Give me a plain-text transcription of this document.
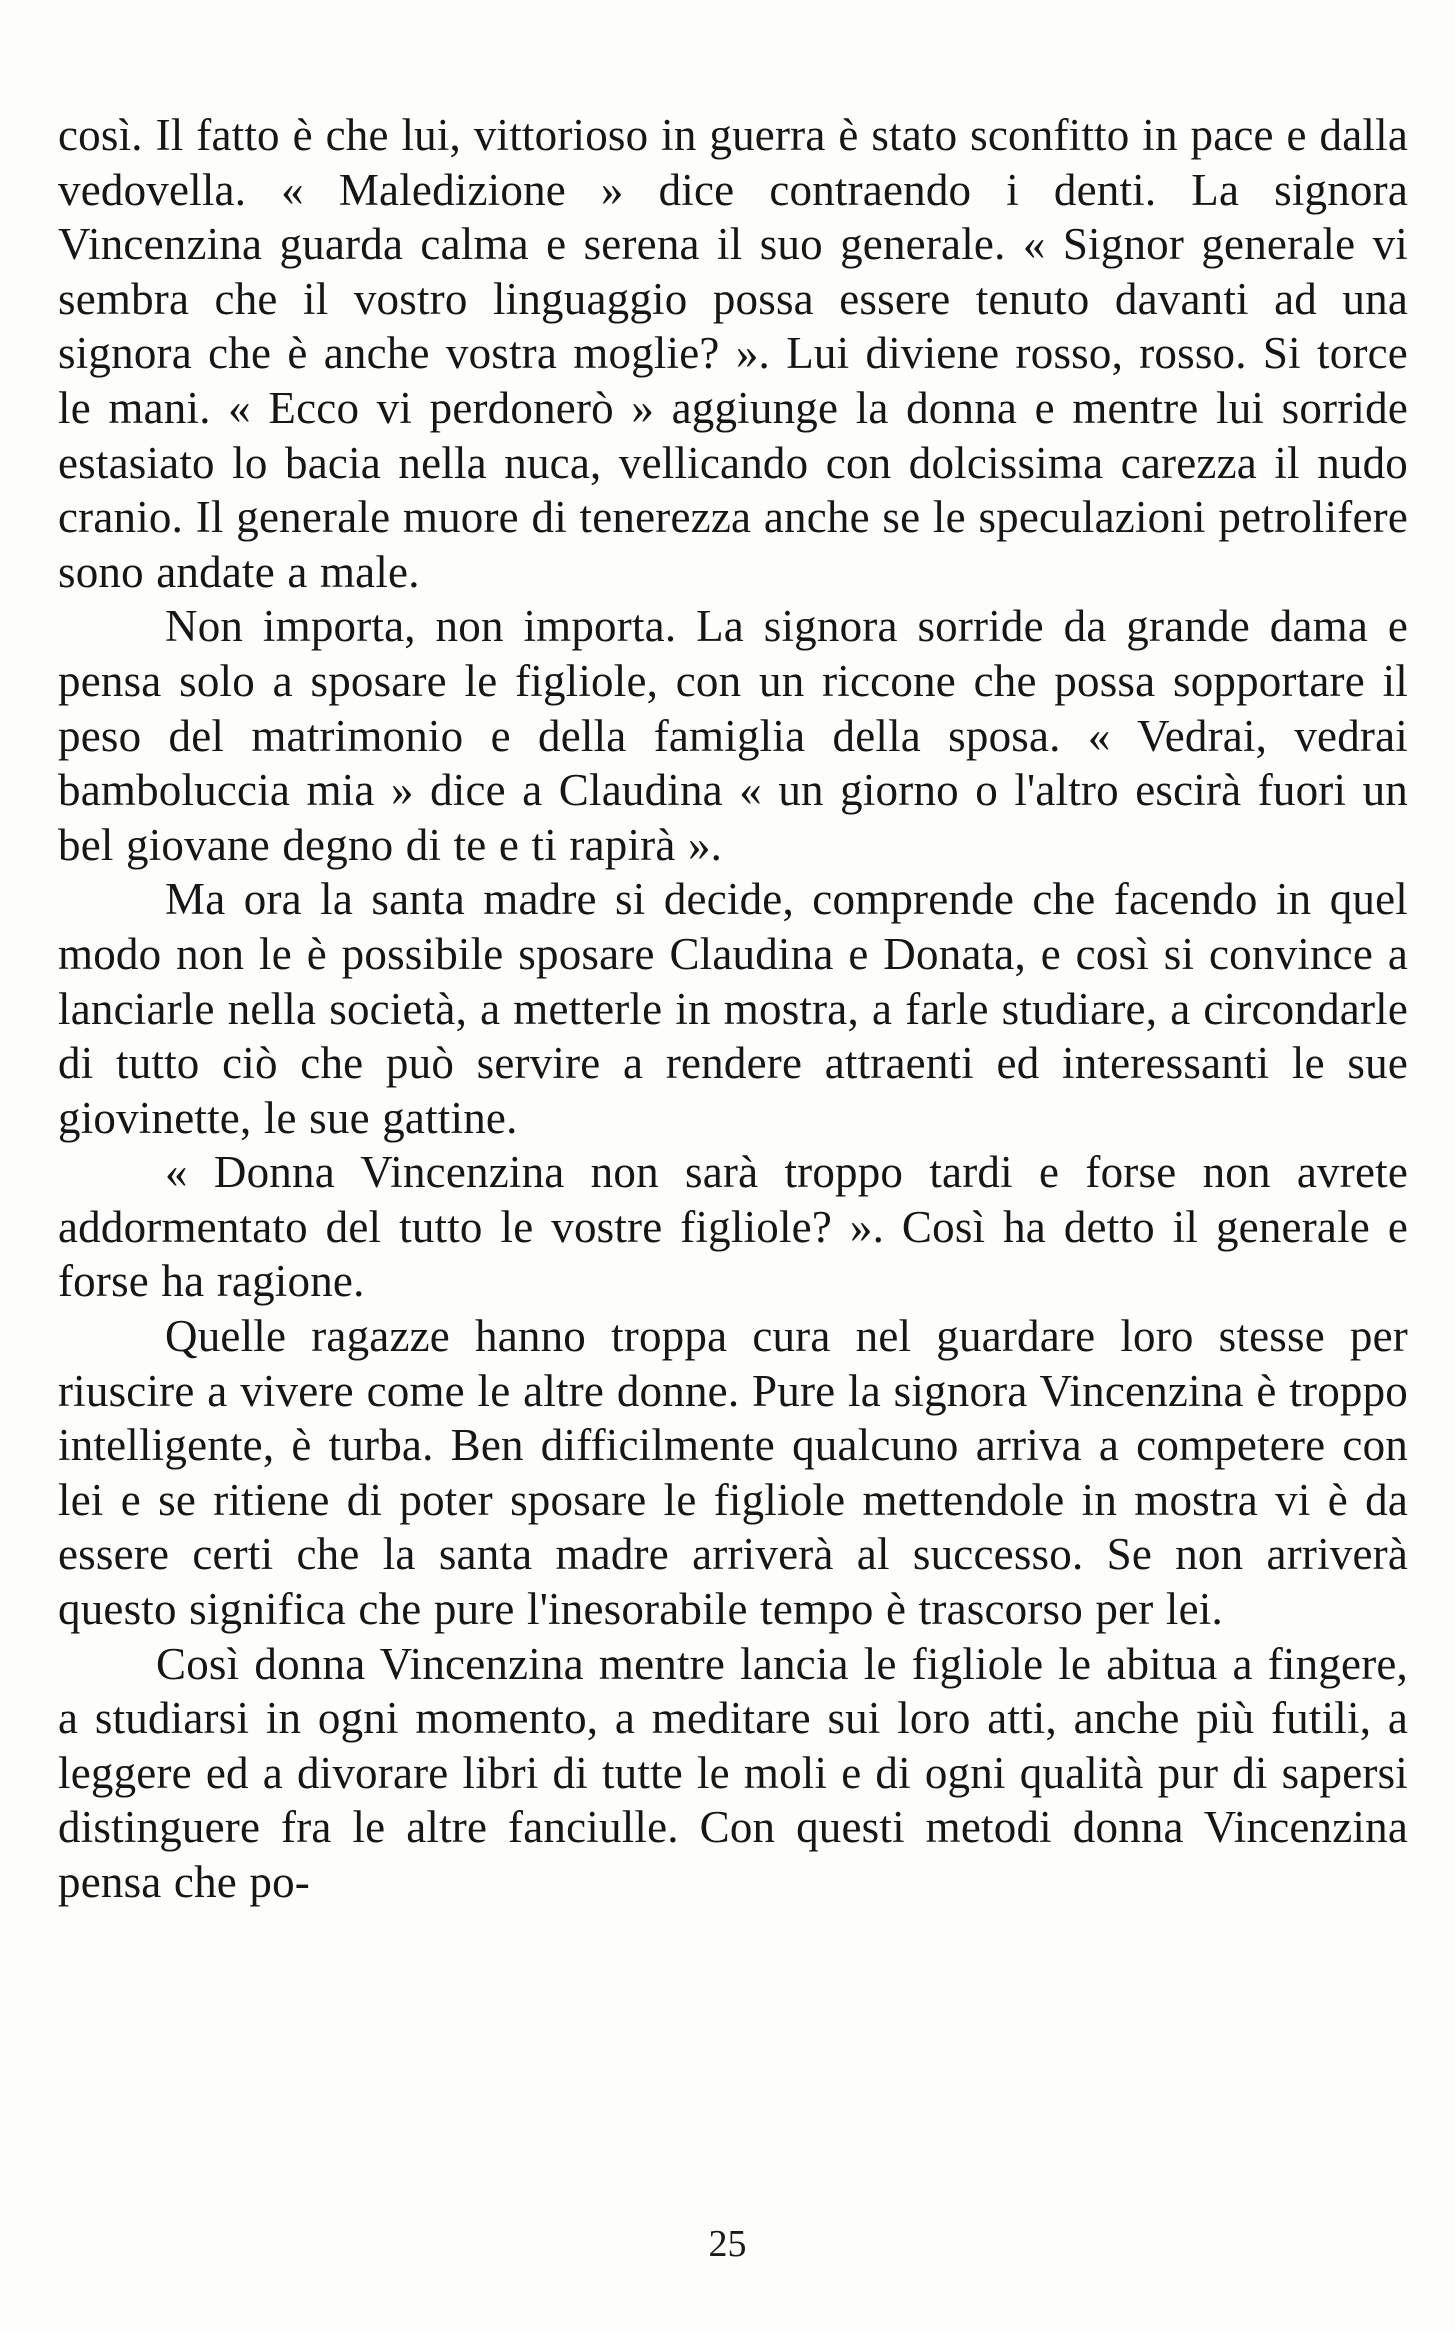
così. Il fatto è che lui, vittorioso in guerra è stato sconfitto in pace e dalla vedovella. « Maledizione » dice contraendo i denti. La signora Vincenzina guarda calma e serena il suo generale. « Signor generale vi sembra che il vostro linguaggio possa essere tenuto davanti ad una signora che è anche vostra moglie? ». Lui diviene rosso, rosso. Si torce le mani. « Ecco vi perdonerò » aggiunge la donna e mentre lui sorride estasiato lo bacia nella nuca, vellicando con dolcissima carezza il nudo cranio. Il generale muore di tenerezza anche se le speculazioni petrolifere sono andate a male.

Non importa, non importa. La signora sorride da grande dama e pensa solo a sposare le figliole, con un riccone che possa sopportare il peso del matrimonio e della famiglia della sposa. « Vedrai, vedrai bamboluccia mia » dice a Claudina « un giorno o l'altro escirà fuori un bel giovane degno di te e ti rapirà ».

Ma ora la santa madre si decide, comprende che facendo in quel modo non le è possibile sposare Claudina e Donata, e così si convince a lanciarle nella società, a metterle in mostra, a farle studiare, a circondarle di tutto ciò che può servire a rendere attraenti ed interessanti le sue giovinette, le sue gattine.

« Donna Vincenzina non sarà troppo tardi e forse non avrete addormentato del tutto le vostre figliole? ». Così ha detto il generale e forse ha ragione.

Quelle ragazze hanno troppa cura nel guardare loro stesse per riuscire a vivere come le altre donne. Pure la signora Vincenzina è troppo intelligente, è turba. Ben difficilmente qualcuno arriva a competere con lei e se ritiene di poter sposare le figliole mettendole in mostra vi è da essere certi che la santa madre arriverà al successo. Se non arriverà questo significa che pure l'inesorabile tempo è trascorso per lei.

Così donna Vincenzina mentre lancia le figliole le abitua a fingere, a studiarsi in ogni momento, a meditare sui loro atti, anche più futili, a leggere ed a divorare libri di tutte le moli e di ogni qualità pur di sapersi distinguere fra le altre fanciulle. Con questi metodi donna Vincenzina pensa che po-

25
